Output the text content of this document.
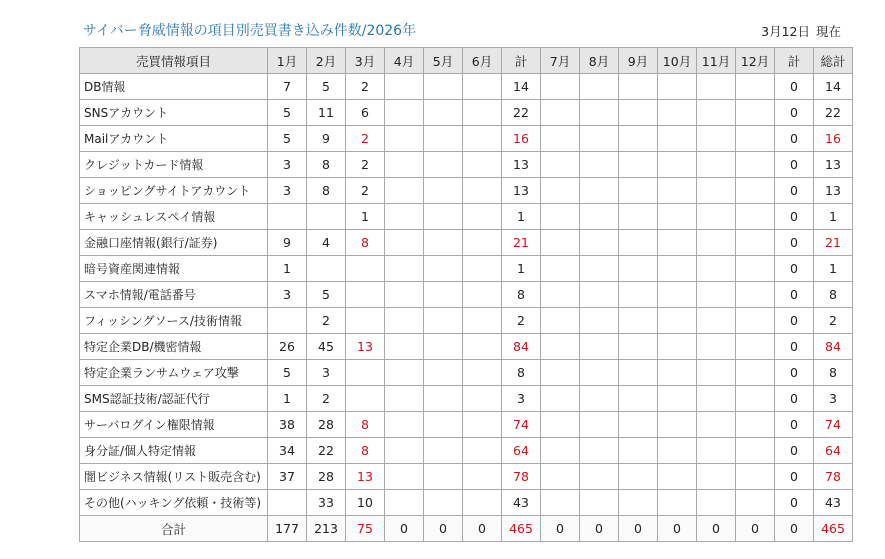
サイバー脅威情報の項目別売買書き込み件数/2026年	3月12日 現在
売買情報項目	1月	2月	3月	4月	5月	6月	計	7月	8月	9月	10月	11月	12月	計	総計
DB情報	7	5	2				14							0	14
SNSアカウント	5	11	6				22							0	22
Mailアカウント	5	9	2				16							0	16
クレジットカード情報	3	8	2				13							0	13
ショッピングサイトアカウント	3	8	2				13							0	13
キャッシュレスペイ情報			1				1							0	1
金融口座情報(銀行/証券)	9	4	8				21							0	21
暗号資産関連情報	1						1							0	1
スマホ情報/電話番号	3	5					8							0	8
フィッシングソース/技術情報		2					2							0	2
特定企業DB/機密情報	26	45	13				84							0	84
特定企業ランサムウェア攻撃	5	3					8							0	8
SMS認証技術/認証代行	1	2					3							0	3
サーバログイン権限情報	38	28	8				74							0	74
身分証/個人特定情報	34	22	8				64							0	64
闇ビジネス情報(リスト販売含む)	37	28	13				78							0	78
その他(ハッキング依頼・技術等)		33	10				43							0	43
合計	177	213	75	0	0	0	465	0	0	0	0	0	0	0	465
